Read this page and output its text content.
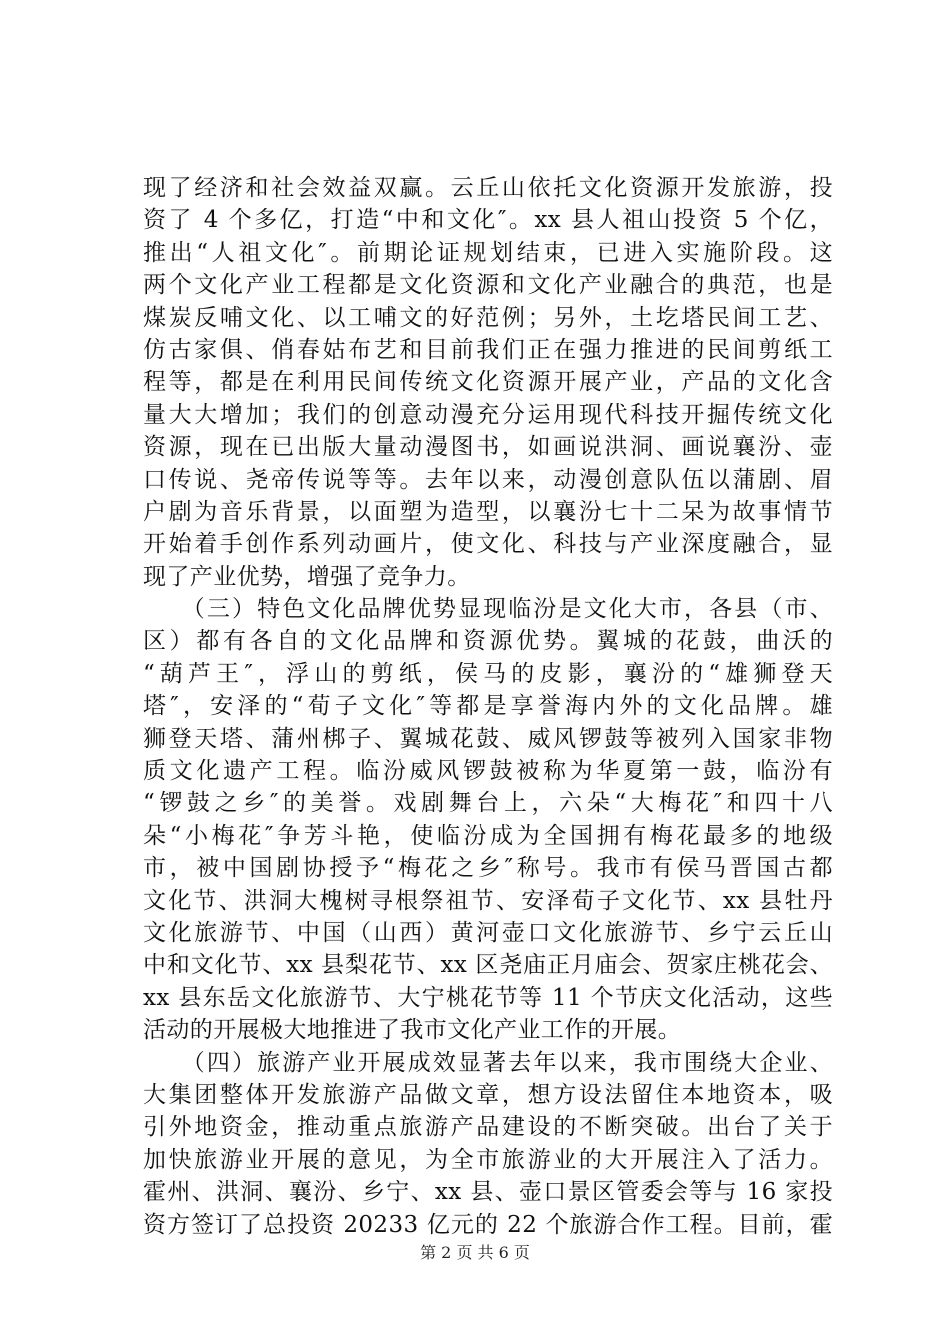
现了经济和社会效益双赢。云丘山依托文化资源开发旅游，投
资了 4 个多亿，打造“中和文化″。xx 县人祖山投资 5 个亿，
推出“人祖文化″。前期论证规划结束，已进入实施阶段。这
两个文化产业工程都是文化资源和文化产业融合的典范，也是
煤炭反哺文化、以工哺文的好范例；另外，土圪塔民间工艺、
仿古家俱、俏春姑布艺和目前我们正在强力推进的民间剪纸工
程等，都是在利用民间传统文化资源开展产业，产品的文化含
量大大增加；我们的创意动漫充分运用现代科技开掘传统文化
资源，现在已出版大量动漫图书，如画说洪洞、画说襄汾、壶
口传说、尧帝传说等等。去年以来，动漫创意队伍以蒲剧、眉
户剧为音乐背景，以面塑为造型，以襄汾七十二呆为故事情节
开始着手创作系列动画片，使文化、科技与产业深度融合，显
现了产业优势，增强了竞争力。
　　（三）特色文化品牌优势显现临汾是文化大市，各县（市、
区）都有各自的文化品牌和资源优势。翼城的花鼓，曲沃的
“葫芦王″，浮山的剪纸，侯马的皮影，襄汾的“雄狮登天
塔″，安泽的“荀子文化″等都是享誉海内外的文化品牌。雄
狮登天塔、蒲州梆子、翼城花鼓、威风锣鼓等被列入国家非物
质文化遗产工程。临汾威风锣鼓被称为华夏第一鼓，临汾有
“锣鼓之乡″的美誉。戏剧舞台上，六朵“大梅花″和四十八
朵“小梅花″争芳斗艳，使临汾成为全国拥有梅花最多的地级
市，被中国剧协授予“梅花之乡″称号。我市有侯马晋国古都
文化节、洪洞大槐树寻根祭祖节、安泽荀子文化节、xx 县牡丹
文化旅游节、中国（山西）黄河壶口文化旅游节、乡宁云丘山
中和文化节、xx 县梨花节、xx 区尧庙正月庙会、贺家庄桃花会、
xx 县东岳文化旅游节、大宁桃花节等 11 个节庆文化活动，这些
活动的开展极大地推进了我市文化产业工作的开展。
　　（四）旅游产业开展成效显著去年以来，我市围绕大企业、
大集团整体开发旅游产品做文章，想方设法留住本地资本，吸
引外地资金，推动重点旅游产品建设的不断突破。出台了关于
加快旅游业开展的意见，为全市旅游业的大开展注入了活力。
霍州、洪洞、襄汾、乡宁、xx 县、壶口景区管委会等与 16 家投
资方签订了总投资 20233 亿元的 22 个旅游合作工程。目前，霍
第 2 页 共 6 页
